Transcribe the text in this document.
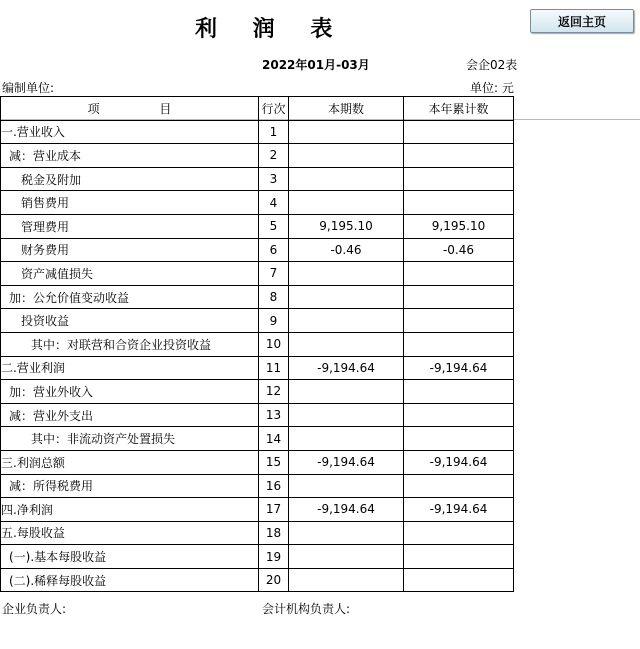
利 润 表	返回主页
2022年01月-03月	会企02表
编制单位:	单位: 元
项 目	行次	本期数	本年累计数
一.营业收入	1		
减：营业成本	2		
税金及附加	3		
销售费用	4		
管理费用	5	9,195.10	9,195.10
财务费用	6	-0.46	-0.46
资产减值损失	7		
加：公允价值变动收益	8		
投资收益	9		
其中：对联营和合资企业投资收益	10		
二.营业利润	11	-9,194.64	-9,194.64
加：营业外收入	12		
减：营业外支出	13		
其中：非流动资产处置损失	14		
三.利润总额	15	-9,194.64	-9,194.64
减：所得税费用	16		
四.净利润	17	-9,194.64	-9,194.64
五.每股收益	18		
(一).基本每股收益	19		
(二).稀释每股收益	20		
企业负责人:	会计机构负责人:
